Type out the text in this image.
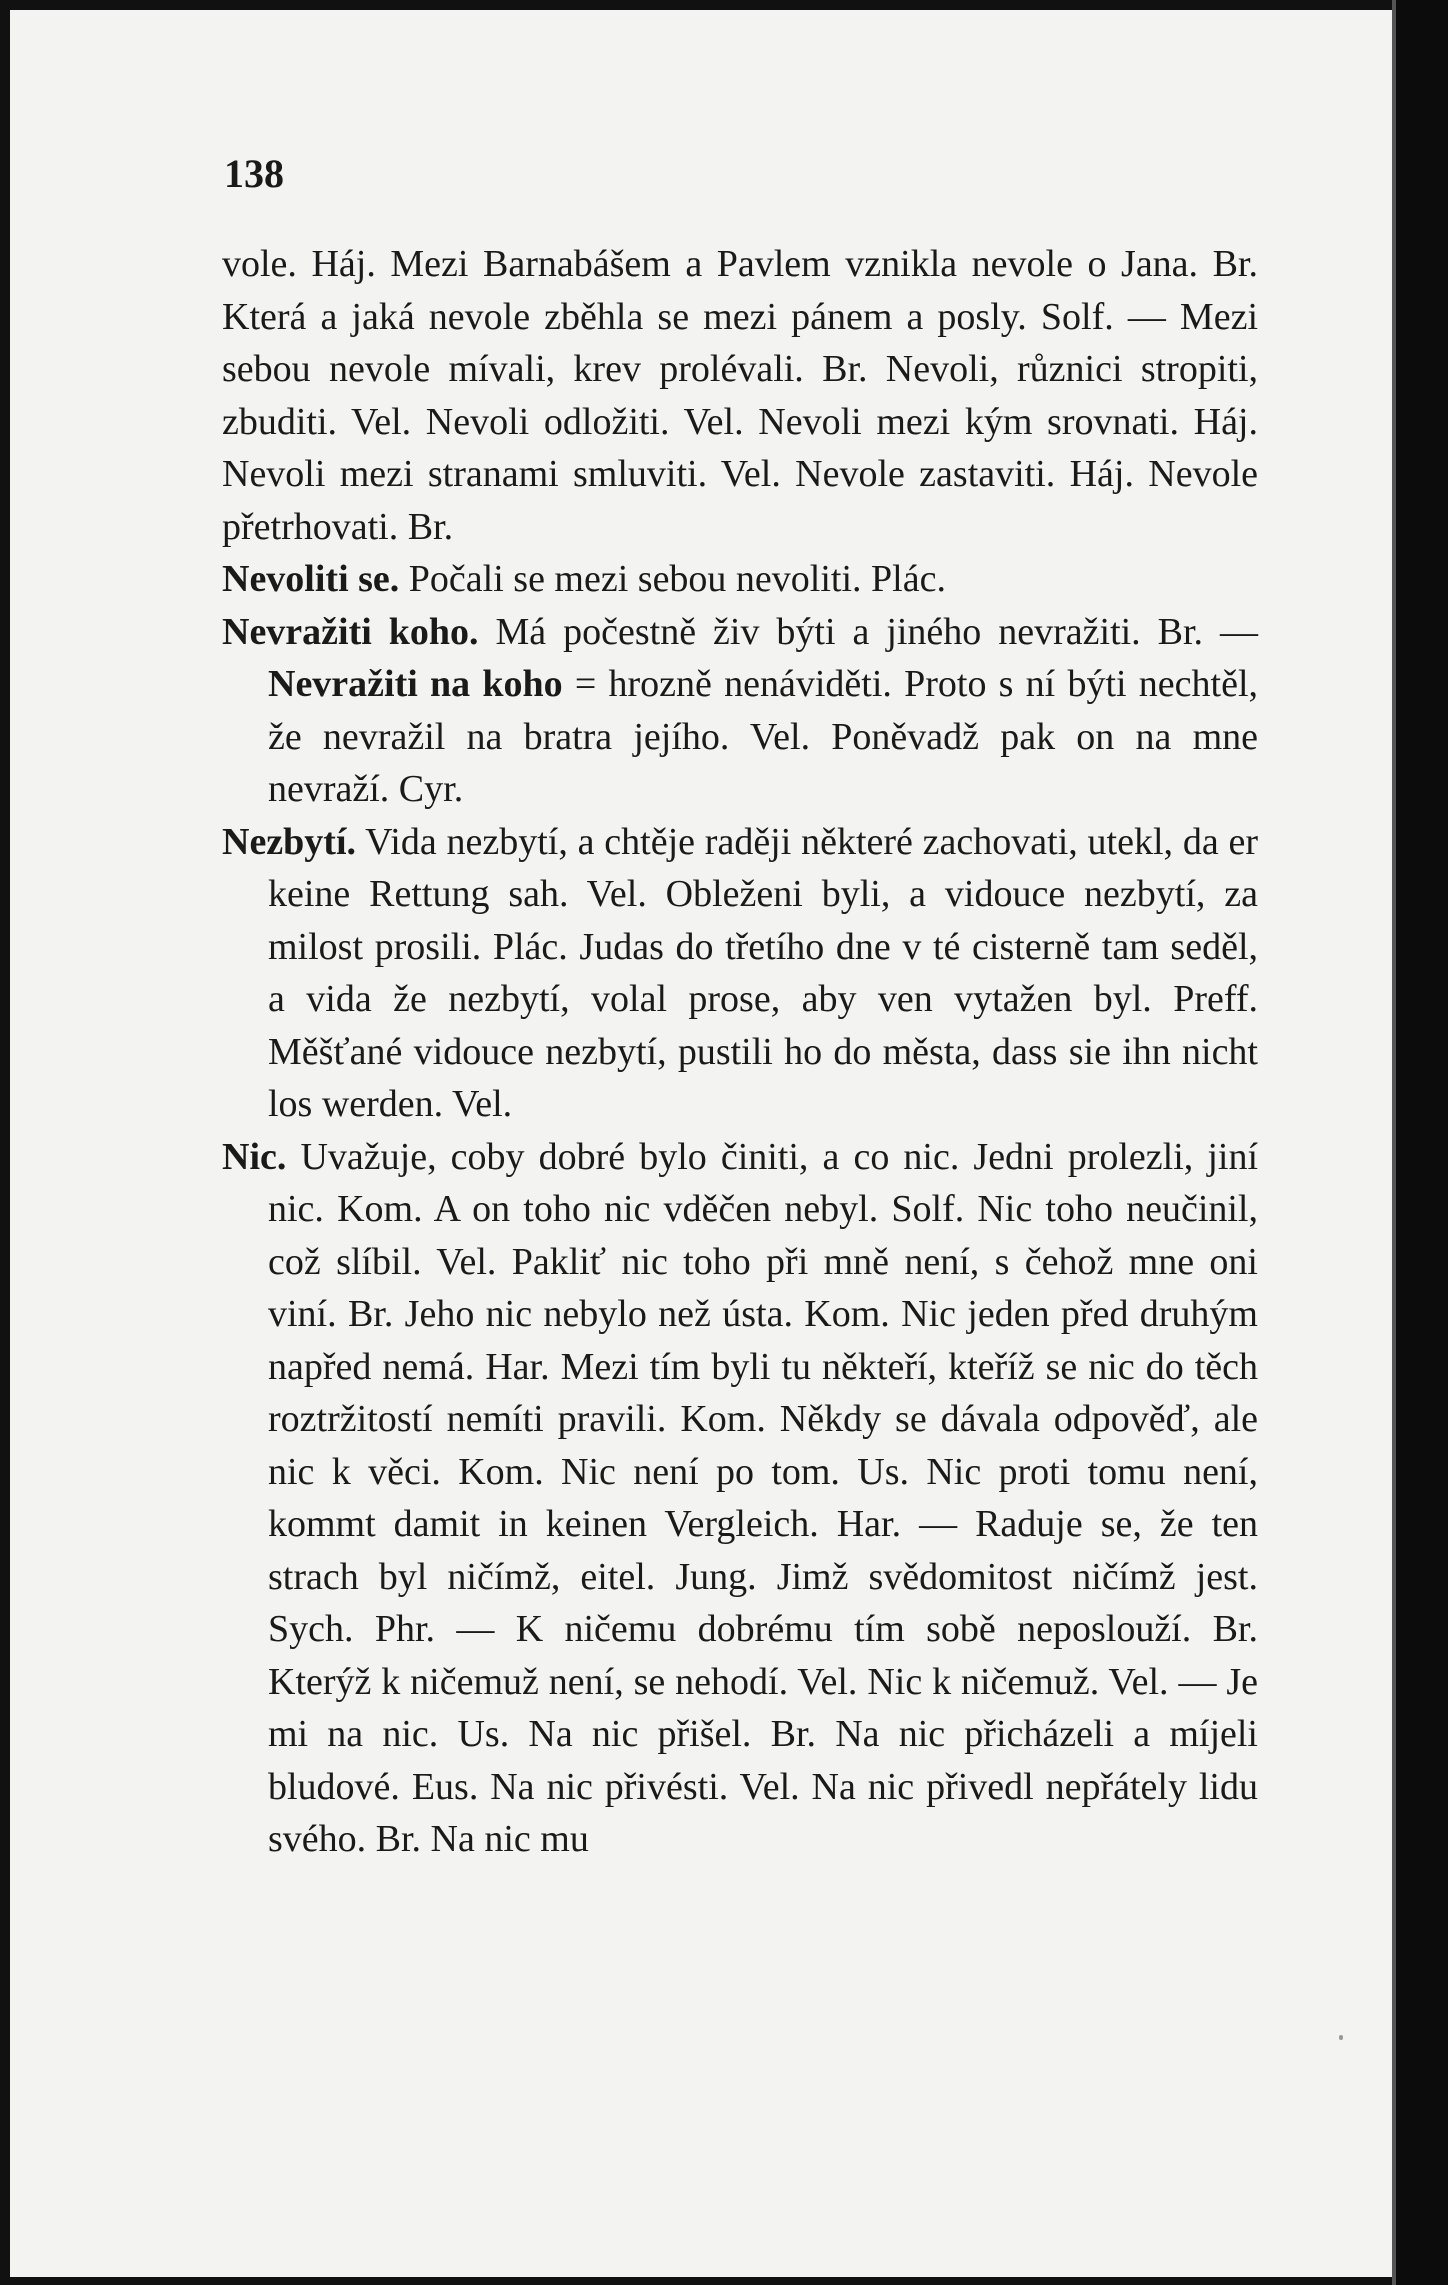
138

vole. Háj. Mezi Barnabášem a Pavlem vznikla nevole o Jana. Br. Která a jaká nevole zběhla se mezi pánem a posly. Solf. — Mezi sebou nevole mívali, krev prolévali. Br. Nevoli, různici stropiti, zbuditi. Vel. Nevoli odložiti. Vel. Nevoli mezi kým srovnati. Háj. Nevoli mezi stranami smluviti. Vel. Nevole zastaviti. Háj. Nevole přetrhovati. Br.

Nevoliti se. Počali se mezi sebou nevoliti. Plác.

Nevražiti koho. Má počestně živ býti a jiného nevražiti. Br. — Nevražiti na koho = hrozně nenáviděti. Proto s ní býti nechtěl, že nevražil na bratra jejího. Vel. Poněvadž pak on na mne nevraží. Cyr.

Nezbytí. Vida nezbytí, a chtěje raději některé zachovati, utekl, da er keine Rettung sah. Vel. Obleženi byli, a vidouce nezbytí, za milost prosili. Plác. Judas do třetího dne v té cisterně tam seděl, a vida že nezbytí, volal prose, aby ven vytažen byl. Preff. Měšťané vidouce nezbytí, pustili ho do města, dass sie ihn nicht los werden. Vel.

Nic. Uvažuje, coby dobré bylo činiti, a co nic. Jedni prolezli, jiní nic. Kom. A on toho nic vděčen nebyl. Solf. Nic toho neučinil, což slíbil. Vel. Pakliť nic toho při mně není, s čehož mne oni viní. Br. Jeho nic nebylo než ústa. Kom. Nic jeden před druhým napřed nemá. Har. Mezi tím byli tu někteří, kteříž se nic do těch roztržitostí nemíti pravili. Kom. Někdy se dávala odpověď, ale nic k věci. Kom. Nic není po tom. Us. Nic proti tomu není, kommt damit in keinen Vergleich. Har. — Raduje se, že ten strach byl ničímž, eitel. Jung. Jimž svědomitost ničímž jest. Sych. Phr. — K ničemu dobrému tím sobě neposlouží. Br. Kterýž k ničemuž není, se nehodí. Vel. Nic k ničemuž. Vel. — Je mi na nic. Us. Na nic přišel. Br. Na nic přicházeli a míjeli bludové. Eus. Na nic přivésti. Vel. Na nic přivedl nepřátely lidu svého. Br. Na nic mu
